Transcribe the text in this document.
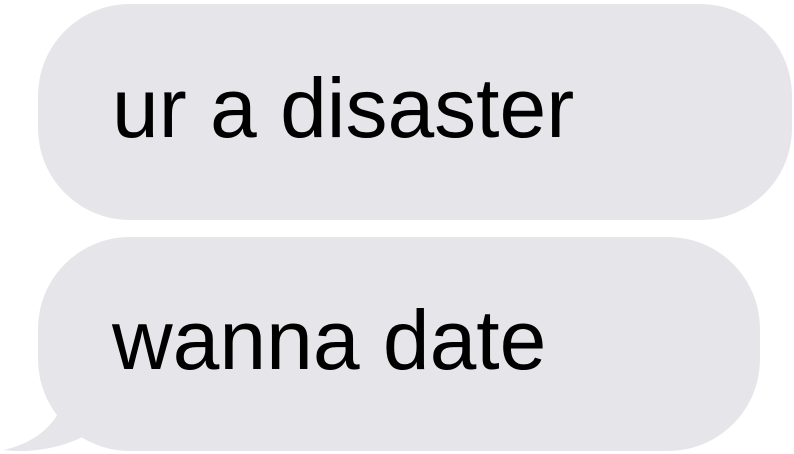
ur a disaster
wanna date
